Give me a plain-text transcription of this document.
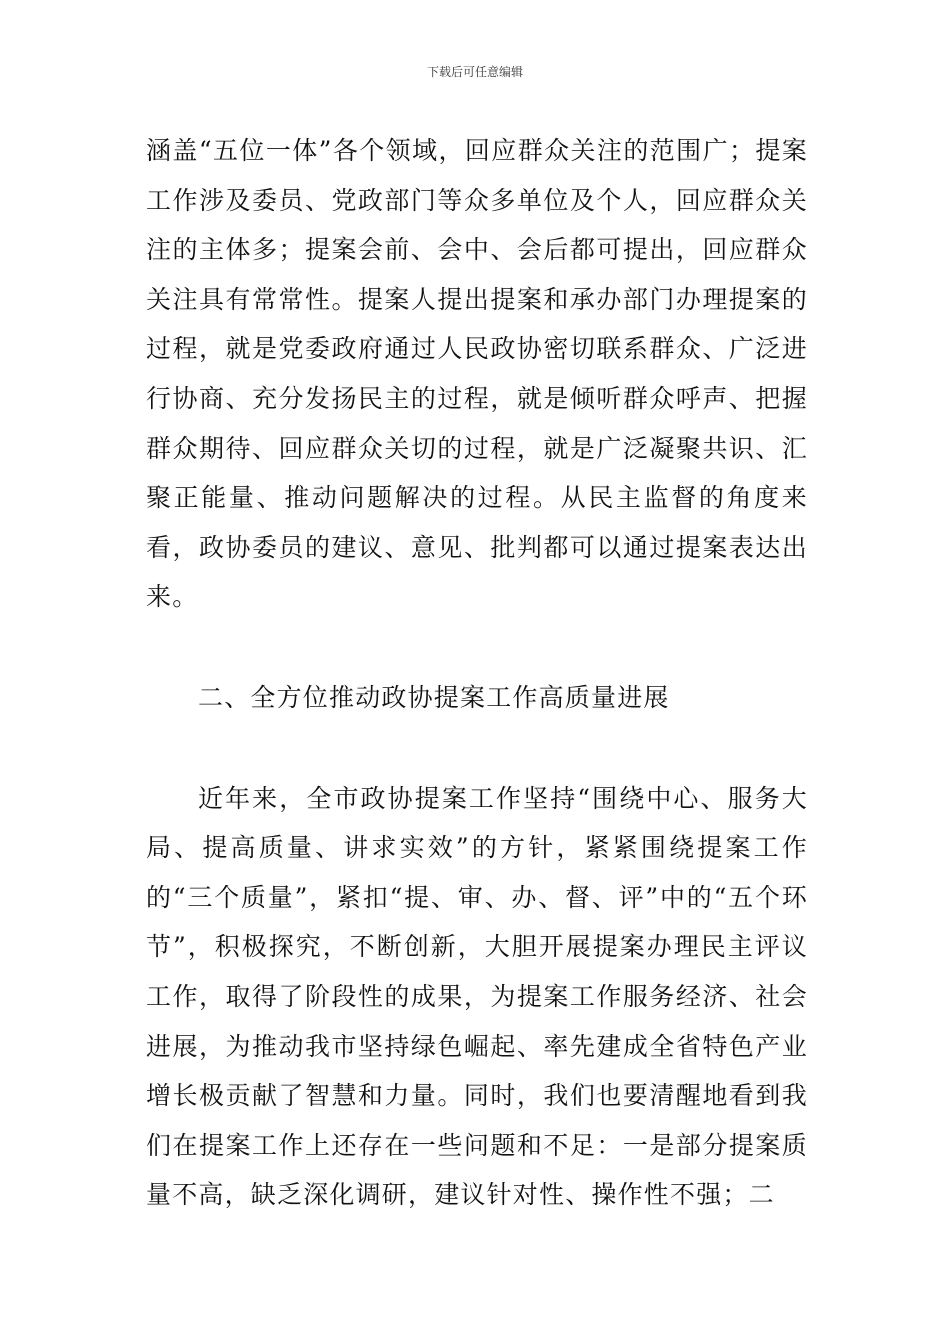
下载后可任意编辑

涵盖“五位一体”各个领域，回应群众关注的范围广；提案工作涉及委员、党政部门等众多单位及个人，回应群众关注的主体多；提案会前、会中、会后都可提出，回应群众关注具有常常性。提案人提出提案和承办部门办理提案的过程，就是党委政府通过人民政协密切联系群众、广泛进行协商、充分发扬民主的过程，就是倾听群众呼声、把握群众期待、回应群众关切的过程，就是广泛凝聚共识、汇聚正能量、推动问题解决的过程。从民主监督的角度来看，政协委员的建议、意见、批判都可以通过提案表达出来。

二、全方位推动政协提案工作高质量进展

近年来，全市政协提案工作坚持“围绕中心、服务大局、提高质量、讲求实效”的方针，紧紧围绕提案工作的“三个质量”，紧扣“提、审、办、督、评”中的“五个环节”，积极探究，不断创新，大胆开展提案办理民主评议工作，取得了阶段性的成果，为提案工作服务经济、社会进展，为推动我市坚持绿色崛起、率先建成全省特色产业增长极贡献了智慧和力量。同时，我们也要清醒地看到我们在提案工作上还存在一些问题和不足：一是部分提案质量不高，缺乏深化调研，建议针对性、操作性不强；二
